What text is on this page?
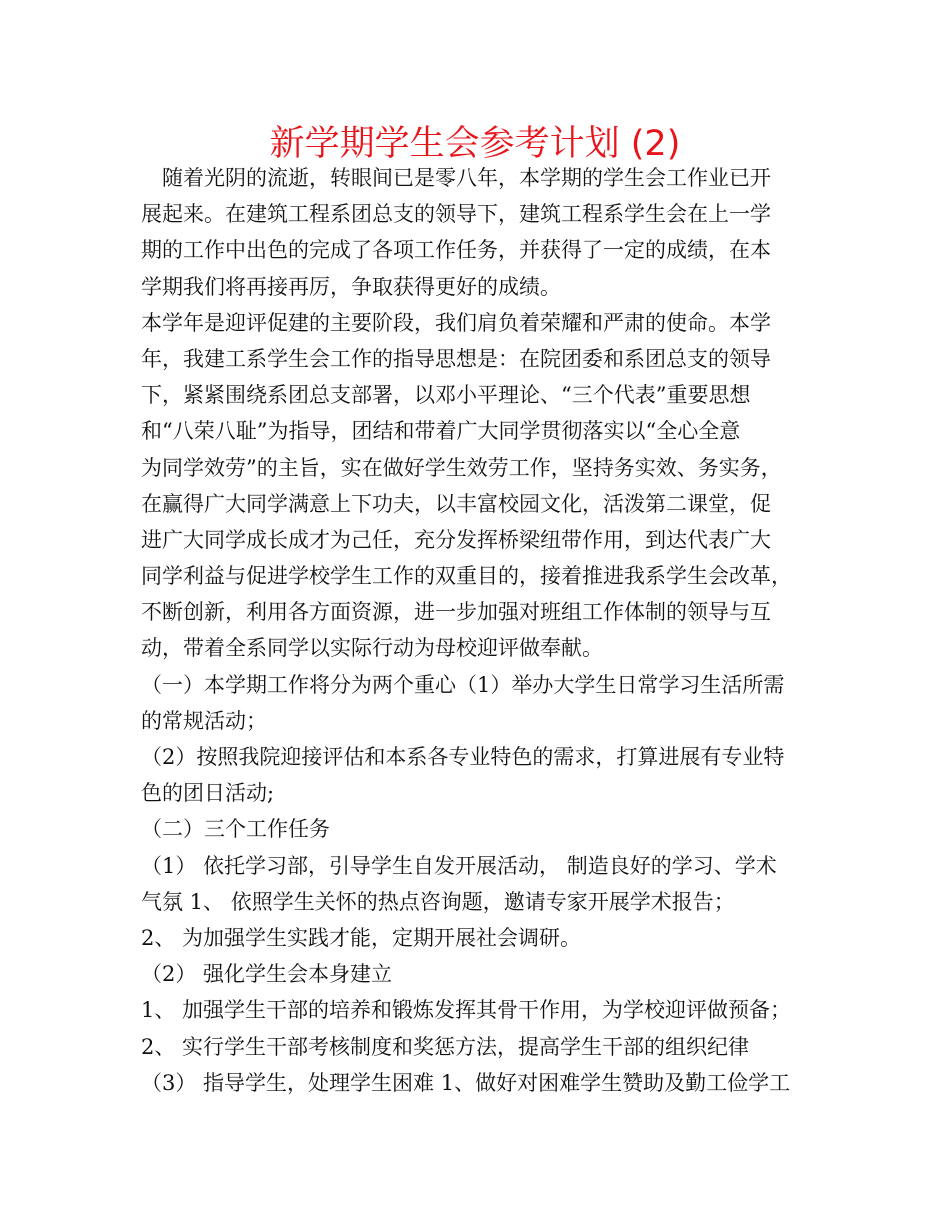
新学期学生会参考计划 (2)
　随着光阴的流逝，转眼间已是零八年，本学期的学生会工作业已开
展起来。在建筑工程系团总支的领导下，建筑工程系学生会在上一学
期的工作中出色的完成了各项工作任务，并获得了一定的成绩，在本
学期我们将再接再厉，争取获得更好的成绩。
本学年是迎评促建的主要阶段，我们肩负着荣耀和严肃的使命。本学
年，我建工系学生会工作的指导思想是：在院团委和系团总支的领导
下，紧紧围绕系团总支部署，以邓小平理论、“三个代表”重要思想
和“八荣八耻”为指导，团结和带着广大同学贯彻落实以“全心全意
为同学效劳”的主旨，实在做好学生效劳工作，坚持务实效、务实务，
在赢得广大同学满意上下功夫，以丰富校园文化，活泼第二课堂，促
进广大同学成长成才为己任，充分发挥桥梁纽带作用，到达代表广大
同学利益与促进学校学生工作的双重目的，接着推进我系学生会改革，
不断创新，利用各方面资源，进一步加强对班组工作体制的领导与互
动，带着全系同学以实际行动为母校迎评做奉献。
（一）本学期工作将分为两个重心（1）举办大学生日常学习生活所需
的常规活动；
（2）按照我院迎接评估和本系各专业特色的需求，打算进展有专业特
色的团日活动;
（二）三个工作任务
（1） 依托学习部，引导学生自发开展活动， 制造良好的学习、学术
气氛 1、 依照学生关怀的热点咨询题，邀请专家开展学术报告；
2、 为加强学生实践才能，定期开展社会调研。
（2） 强化学生会本身建立
1、 加强学生干部的培养和锻炼发挥其骨干作用，为学校迎评做预备；
2、 实行学生干部考核制度和奖惩方法，提高学生干部的组织纪律
（3） 指导学生，处理学生困难 1、做好对困难学生赞助及勤工俭学工
